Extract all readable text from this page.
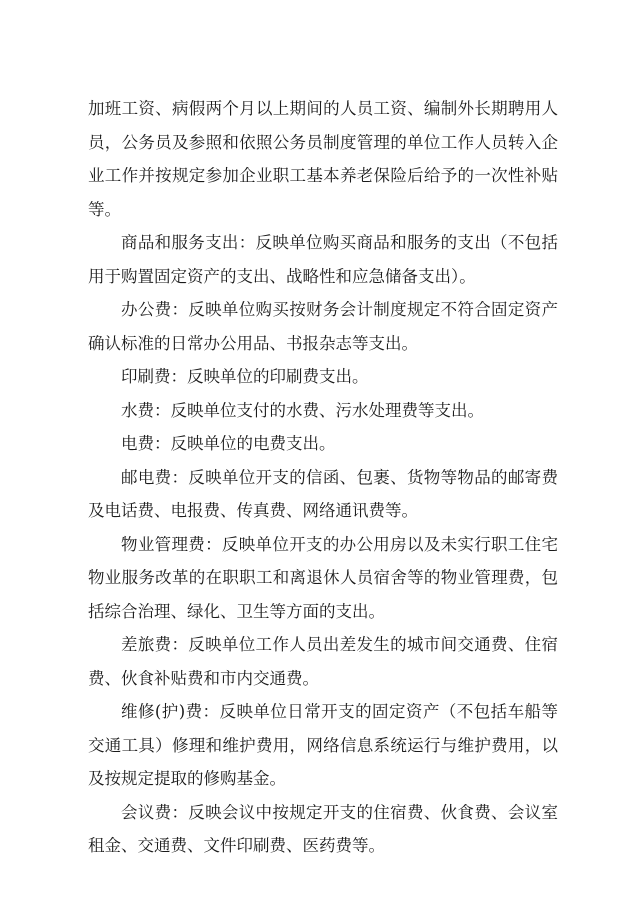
加班工资、病假两个月以上期间的人员工资、编制外长期聘用人员，公务员及参照和依照公务员制度管理的单位工作人员转入企业工作并按规定参加企业职工基本养老保险后给予的一次性补贴等。

商品和服务支出：反映单位购买商品和服务的支出（不包括用于购置固定资产的支出、战略性和应急储备支出）。

办公费：反映单位购买按财务会计制度规定不符合固定资产确认标准的日常办公用品、书报杂志等支出。

印刷费：反映单位的印刷费支出。

水费：反映单位支付的水费、污水处理费等支出。

电费：反映单位的电费支出。

邮电费：反映单位开支的信函、包裹、货物等物品的邮寄费及电话费、电报费、传真费、网络通讯费等。

物业管理费：反映单位开支的办公用房以及未实行职工住宅物业服务改革的在职职工和离退休人员宿舍等的物业管理费，包括综合治理、绿化、卫生等方面的支出。

差旅费：反映单位工作人员出差发生的城市间交通费、住宿费、伙食补贴费和市内交通费。

维修(护)费：反映单位日常开支的固定资产（不包括车船等交通工具）修理和维护费用，网络信息系统运行与维护费用，以及按规定提取的修购基金。

会议费：反映会议中按规定开支的住宿费、伙食费、会议室租金、交通费、文件印刷费、医药费等。
